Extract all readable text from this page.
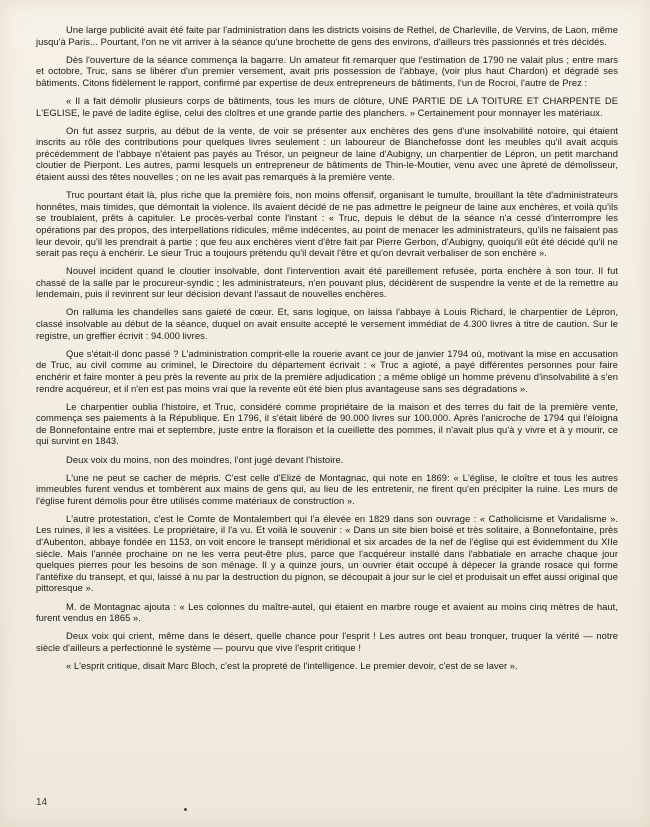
Une large publicité avait été faite par l'administration dans les districts voisins de Rethel, de Charleville, de Vervins, de Laon, même jusqu'à Paris... Pourtant, l'on ne vit arriver à la séance qu'une brochette de gens des environs, d'ailleurs très passionnés et très décidés.

Dès l'ouverture de la séance commença la bagarre. Un amateur fit remarquer que l'estimation de 1790 ne valait plus ; entre mars et octobre, Truc, sans se libérer d'un premier versement, avait pris possession de l'abbaye, (voir plus haut Chardon) et dégradé ses bâtiments. Citons fidèlement le rapport, confirmé par expertise de deux entrepreneurs de bâtiments, l'un de Rocroi, l'autre de Prez :

« Il a fait démolir plusieurs corps de bâtiments, tous les murs de clôture, UNE PARTIE DE LA TOITURE ET CHARPENTE DE L'EGLISE, le pavé de ladite église, celui des cloîtres et une grande partie des planchers. » Certainement pour monnayer les matériaux.

On fut assez surpris, au début de la vente, de voir se présenter aux enchères des gens d'une insolvabilité notoire, qui étaient inscrits au rôle des contributions pour quelques livres seulement : un laboureur de Blanchefosse dont les meubles qu'il avait acquis précédemment de l'abbaye n'étaient pas payés au Trésor, un peigneur de laine d'Aubigny, un charpentier de Lépron, un petit marchand cloutier de Pierpont. Les autres, parmi lesquels un entrepreneur de bâtiments de Thin-le-Moutier, venu avec une âpreté de démolisseur, étaient aussi des têtes nouvelles ; on ne les avait pas remarqués à la première vente.

Truc pourtant était là, plus riche que la première fois, non moins offensif, organisant le tumulte, brouillant la tête d'administrateurs honnêtes, mais timides, que démontait la violence. Ils avaient décidé de ne pas admettre le peigneur de laine aux enchères, et voilà qu'ils se troublaient, prêts à capituler. Le procès-verbal conte l'instant : « Truc, depuis le début de la séance n'a cessé d'interrompre les opérations par des propos, des interpellations ridicules, même indécentes, au point de menacer les administrateurs, qu'ils ne faisaient pas leur devoir, qu'il les prendrait à partie ; que feu aux enchères vient d'être fait par Pierre Gerbon, d'Aubigny, quoiqu'il eût été décidé qu'il ne serait pas reçu à enchérir. Le sieur Truc a toujours prétendu qu'il devait l'être et qu'on devrait verbaliser de son enchère ».

Nouvel incident quand le cloutier insolvable, dont l'intervention avait été pareillement refusée, porta enchère à son tour. Il fut chassé de la salle par le procureur-syndic ; les administrateurs, n'en pouvant plus, décidèrent de suspendre la vente et de la remettre au lendemain, puis il revinrent sur leur décision devant l'assaut de nouvelles enchères.

On ralluma les chandelles sans gaieté de cœur. Et, sans logique, on laissa l'abbaye à Louis Richard, le charpentier de Lépron, classé insolvable au début de la séance, duquel on avait ensuite accepté le versement immédiat de 4.300 livres à titre de caution. Sur le registre, un greffier écrivit : 94.000 livres.

Que s'était-il donc passé ? L'administration comprit-elle la rouerie avant ce jour de janvier 1794 où, motivant la mise en accusation de Truc, au civil comme au criminel, le Directoire du département écrivait : « Truc a agioté, a payé différentes personnes pour faire enchérir et faire monter à peu près la revente au prix de la première adjudication ; a même obligé un homme prévenu d'insolvabilité à s'en rendre acquéreur, et il n'en est pas moins vrai que la revente eût été bien plus avantageuse sans ses dégradations ».

Le charpentier oublia l'histoire, et Truc, considéré comme propriétaire de la maison et des terres du fait de la première vente, commença ses paiements à la République. En 1796, il s'était libéré de 90.000 livres sur 100.000. Après l'anicroche de 1794 qui l'éloigna de Bonnefontaine entre mai et septembre, juste entre la floraison et la cueillette des pommes, il n'avait plus qu'à y vivre et à y mourir, ce qui survint en 1843.

Deux voix du moins, non des moindres, l'ont jugé devant l'histoire.

L'une ne peut se cacher de mépris. C'est celle d'Elizé de Montagnac, qui note en 1869: « L'église, le cloître et tous les autres immeubles furent vendus et tombèrent aux mains de gens qui, au lieu de les entretenir, ne firent qu'en précipiter la ruine. Les murs de l'église furent démolis pour être utilisés comme matériaux de construction ».

L'autre protestation, c'est le Comte de Montalembert qui l'a élevée en 1829 dans son ouvrage : « Catholicisme et Vandalisme ». Les ruines, il les a visitées. Le propriétaire, il l'a vu. Et voilà le souvenir : « Dans un site bien boisé et très solitaire, à Bonnefontaine, près d'Aubenton, abbaye fondée en 1153, on voit encore le transept méridional et six arcades de la nef de l'église qui est évidemment du XIIe siècle. Mais l'année prochaine on ne les verra peut-être plus, parce que l'acquéreur installé dans l'abbatiale en arrache chaque jour quelques pierres pour les besoins de son ménage. Il y a quinze jours, un ouvrier était occupé à dépecer la grande rosace qui forme l'antéfixe du transept, et qui, laissé à nu par la destruction du pignon, se découpait à jour sur le ciel et produisait un effet aussi original que pittoresque ».

M. de Montagnac ajouta : « Les colonnes du maître-autel, qui étaient en marbre rouge et avaient au moins cinq mètres de haut, furent vendus en 1865 ».

Deux voix qui crient, même dans le désert, quelle chance pour l'esprit ! Les autres ont beau tronquer, truquer la vérité — notre siècle d'ailleurs a perfectionné le système — pourvu que vive l'esprit critique !

« L'esprit critique, disait Marc Bloch, c'est la propreté de l'intelligence. Le premier devoir, c'est de se laver ».

14
